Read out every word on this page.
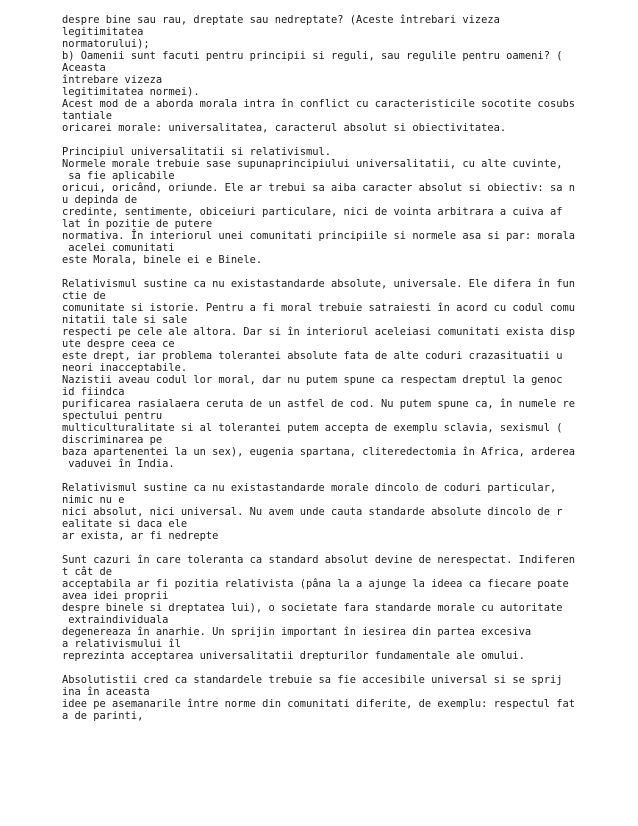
despre bine sau rau, dreptate sau nedreptate? (Aceste întrebari vizeza
legitimitatea
normatorului);
b) Oamenii sunt facuti pentru principii si reguli, sau regulile pentru oameni? (
Aceasta
întrebare vizeza
legitimitatea normei).
Acest mod de a aborda morala intra în conflict cu caracteristicile socotite cosubs
tantiale
oricarei morale: universalitatea, caracterul absolut si obiectivitatea.
Principiul universalitatii si relativismul.
Normele morale trebuie sase supunaprincipiului universalitatii, cu alte cuvinte,
sa fie aplicabile
oricui, oricând, oriunde. Ele ar trebui sa aiba caracter absolut si obiectiv: sa n
u depinda de
credinte, sentimente, obiceiuri particulare, nici de vointa arbitrara a cuiva af
lat în pozitie de putere
normativa. În interiorul unei comunitati principiile si normele asa si par: morala
acelei comunitati
este Morala, binele ei e Binele.
Relativismul sustine ca nu existastandarde absolute, universale. Ele difera în fun
ctie de
comunitate si istorie. Pentru a fi moral trebuie satraiesti în acord cu codul comu
nitatii tale si sale
respecti pe cele ale altora. Dar si în interiorul aceleiasi comunitati exista disp
ute despre ceea ce
este drept, iar problema tolerantei absolute fata de alte coduri crazasituatii u
neori inacceptabile.
Nazistii aveau codul lor moral, dar nu putem spune ca respectam dreptul la genoc
id fiindca
purificarea rasialaera ceruta de un astfel de cod. Nu putem spune ca, în numele re
spectului pentru
multiculturalitate si al tolerantei putem accepta de exemplu sclavia, sexismul (
discriminarea pe
baza apartenentei la un sex), eugenia spartana, cliteredectomia în Africa, arderea
vaduvei în India.
Relativismul sustine ca nu existastandarde morale dincolo de coduri particular,
nimic nu e
nici absolut, nici universal. Nu avem unde cauta standarde absolute dincolo de r
ealitate si daca ele
ar exista, ar fi nedrepte
Sunt cazuri în care toleranta ca standard absolut devine de nerespectat. Indiferen
t cât de
acceptabila ar fi pozitia relativista (pâna la a ajunge la ideea ca fiecare poate
avea idei proprii
despre binele si dreptatea lui), o societate fara standarde morale cu autoritate
extraindividuala
degenereaza în anarhie. Un sprijin important în iesirea din partea excesiva
a relativismului îl
reprezinta acceptarea universalitatii drepturilor fundamentale ale omului.
Absolutistii cred ca standardele trebuie sa fie accesibile universal si se sprij
ina în aceasta
idee pe asemanarile între norme din comunitati diferite, de exemplu: respectul fat
a de parinti,
